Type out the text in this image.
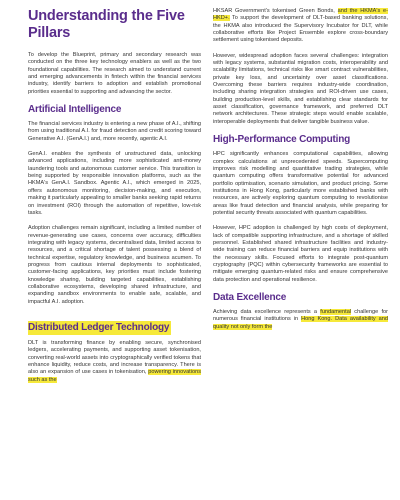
Understanding the Five Pillars

To develop the Blueprint, primary and secondary research was conducted on the three key technology enablers as well as the two foundational capabilities. The research aimed to understand current and emerging advancements in fintech within the financial services industry, identify barriers to adoption and establish promotional priorities essential to supporting and advancing the sector.

Artificial Intelligence

The financial services industry is entering a new phase of A.I., shifting from using traditional A.I. for fraud detection and credit scoring toward Generative A.I. (GenA.I.) and, more recently, agentic A.I.

GenA.I. enables the synthesis of unstructured data, unlocking advanced applications, including more sophisticated anti-money laundering tools and autonomous customer service. This transition is being supported by responsible innovation platforms, such as the HKMA's GenA.I. Sandbox. Agentic A.I., which emerged in 2025, offers autonomous monitoring, decision-making, and execution, making it particularly appealing to smaller banks seeking rapid returns on investment (ROI) through the automation of repetitive, low-risk tasks.

Adoption challenges remain significant, including a limited number of revenue-generating use cases, concerns over accuracy, difficulties integrating with legacy systems, decentralised data, limited access to resources, and a critical shortage of talent possessing a blend of technical expertise, regulatory knowledge, and business acumen. To progress from cautious internal deployments to sophisticated, customer-facing applications, key priorities must include fostering knowledge sharing, building targeted capabilities, establishing collaborative ecosystems, developing shared infrastructure, and expanding sandbox environments to enable safe, scalable, and impactful A.I. adoption.

Distributed Ledger Technology

DLT is transforming finance by enabling secure, synchronised ledgers, accelerating payments, and supporting asset tokenisation, converting real-world assets into cryptographically verified tokens that enhance liquidity, reduce costs, and increase transparency. There is also an expansion of use cases in tokenisation, powering innovations such as the

HKSAR Government's tokenised Green Bonds, and the HKMA's e-HKD+. To support the development of DLT-based banking solutions, the HKMA also introduced the Supervisory Incubator for DLT, while collaborative efforts like Project Ensemble explore cross-boundary settlement using tokenised deposits.

However, widespread adoption faces several challenges: integration with legacy systems, substantial migration costs, interoperability and scalability limitations, technical risks like smart contract vulnerabilities, private key loss, and uncertainty over asset classifications. Overcoming these barriers requires industry-wide coordination, including sharing integration strategies and ROI-driven use cases, building production-level skills, and establishing clear standards for asset classification, governance framework, and preferred DLT network architectures. These strategic steps would enable scalable, interoperable deployments that deliver tangible business value.

High-Performance Computing

HPC significantly enhances computational capabilities, allowing complex calculations at unprecedented speeds. Supercomputing improves risk modelling and quantitative trading strategies, while quantum computing offers transformative potential for advanced portfolio optimisation, scenario simulation, and product pricing. Some institutions in Hong Kong, particularly more established banks with resources, are actively exploring quantum computing to revolutionise areas like fraud detection and financial analysis, while preparing for potential security threats associated with quantum capabilities.

However, HPC adoption is challenged by high costs of deployment, lack of compatible supporting infrastructure, and a shortage of skilled personnel. Established shared infrastructure facilities and industry-wide training can reduce financial barriers and equip institutions with the necessary skills. Focused efforts to integrate post-quantum cryptography (PQC) within cybersecurity frameworks are essential to mitigate emerging quantum-related risks and ensure comprehensive data protection and operational resilience.

Data Excellence

Achieving data excellence represents a fundamental challenge for numerous financial institutions in Hong Kong. Data availability and quality not only form the
